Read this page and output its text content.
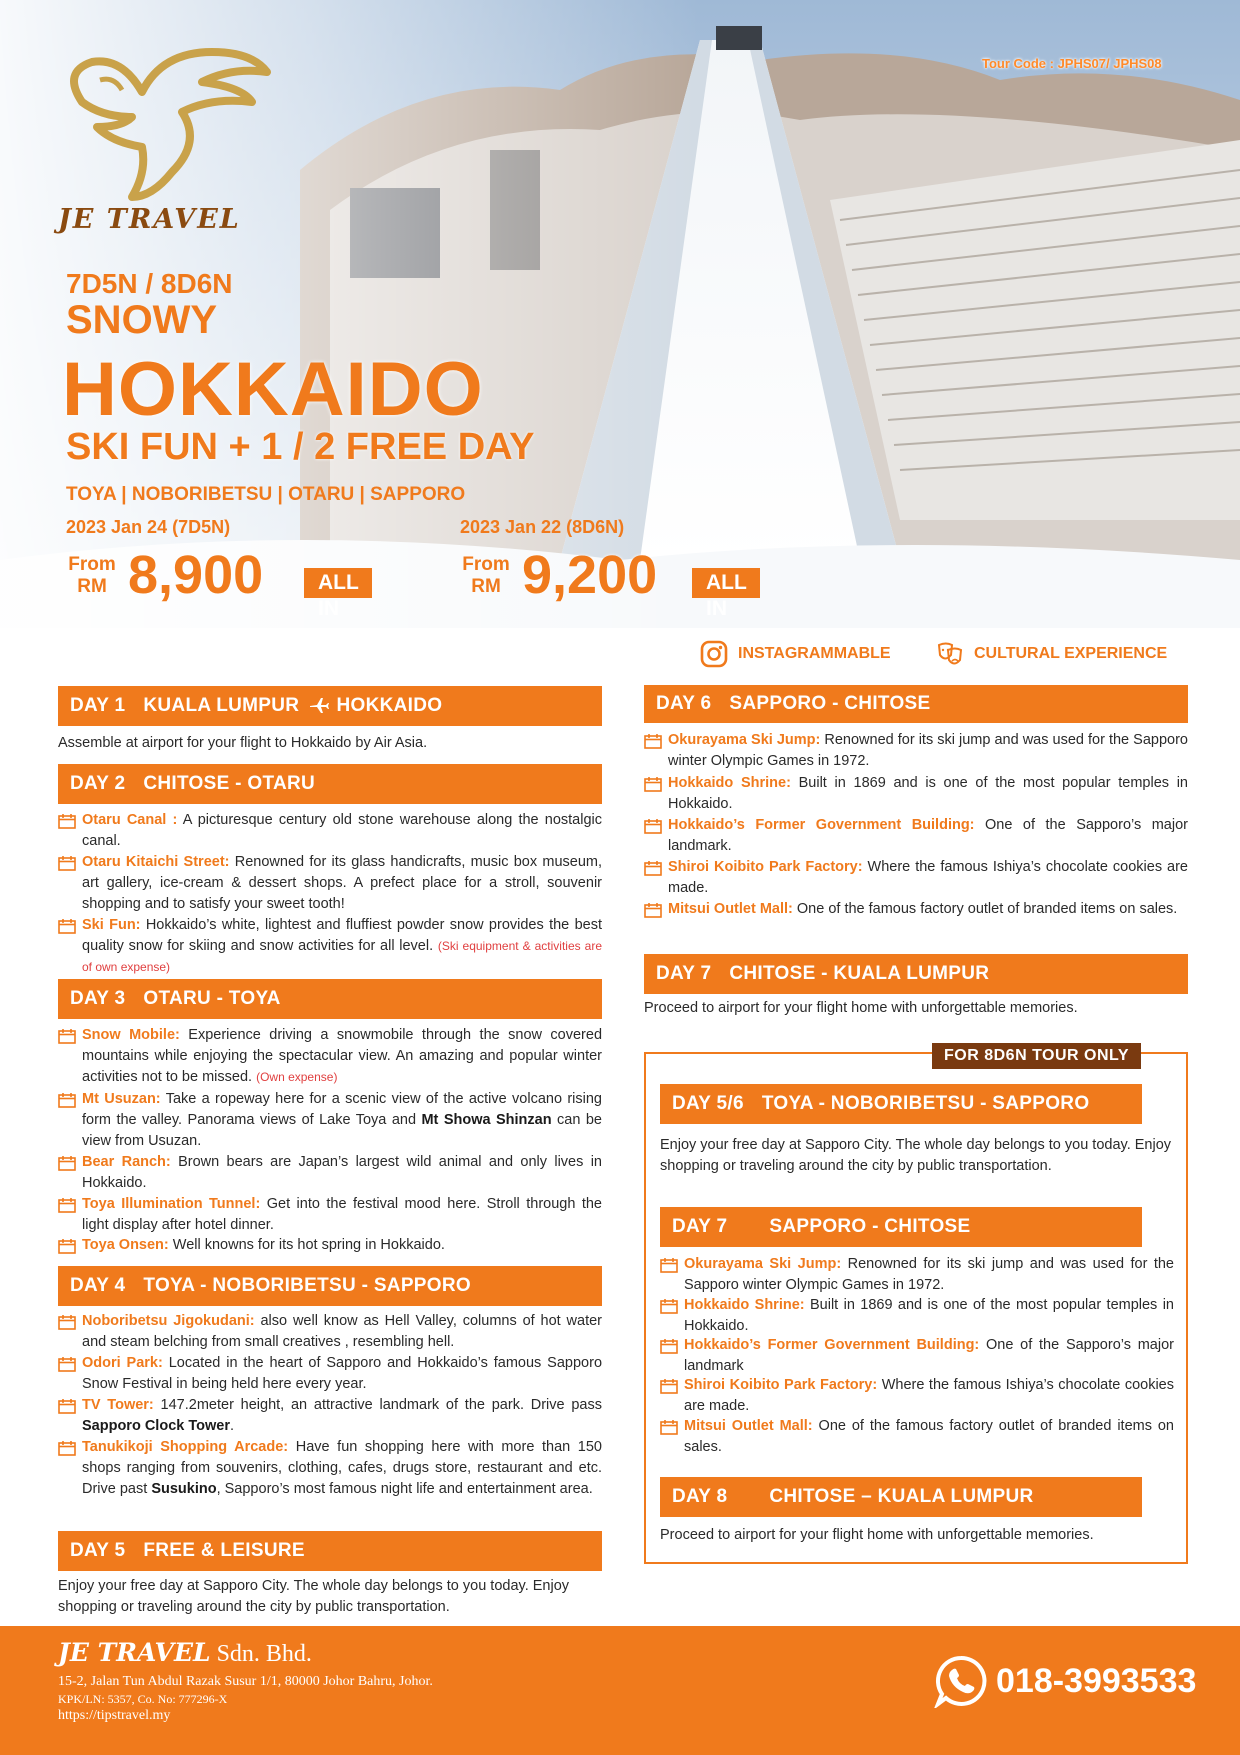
JE TRAVEL
Tour Code : JPHS07/ JPHS08
7D5N / 8D6N
SNOWY
HOKKAIDO
SKI FUN + 1 / 2 FREE DAY
TOYA | NOBORIBETSU | OTARU | SAPPORO
2023 Jan 24 (7D5N)	2023 Jan 22 (8D6N)
From
RM 8,900	ALL IN
From
RM 9,200	ALL IN
INSTAGRAMMABLE	CULTURAL EXPERIENCE
DAY 1 KUALA LUMPUR HOKKAIDO
Assemble at airport for your flight to Hokkaido by Air Asia.
DAY 2 CHITOSE - OTARU
Otaru Canal : A picturesque century old stone warehouse along the nostalgic canal.
Otaru Kitaichi Street: Renowned for its glass handicrafts, music box museum, art gallery, ice-cream & dessert shops. A prefect place for a stroll, souvenir shopping and to satisfy your sweet tooth!
Ski Fun: Hokkaido’s white, lightest and fluffiest powder snow provides the best quality snow for skiing and snow activities for all level. (Ski equipment & activities are of own expense)
DAY 3 OTARU - TOYA
Snow Mobile: Experience driving a snowmobile through the snow covered mountains while enjoying the spectacular view. An amazing and popular winter activities not to be missed. (Own expense)
Mt Usuzan: Take a ropeway here for a scenic view of the active volcano rising form the valley. Panorama views of Lake Toya and Mt Showa Shinzan can be view from Usuzan.
Bear Ranch: Brown bears are Japan’s largest wild animal and only lives in Hokkaido.
Toya Illumination Tunnel: Get into the festival mood here. Stroll through the light display after hotel dinner.
Toya Onsen: Well knowns for its hot spring in Hokkaido.
DAY 4 TOYA - NOBORIBETSU - SAPPORO
Noboribetsu Jigokudani: also well know as Hell Valley, columns of hot water and steam belching from small creatives , resembling hell.
Odori Park: Located in the heart of Sapporo and Hokkaido’s famous Sapporo Snow Festival in being held here every year.
TV Tower: 147.2meter height, an attractive landmark of the park. Drive pass Sapporo Clock Tower.
Tanukikoji Shopping Arcade: Have fun shopping here with more than 150 shops ranging from souvenirs, clothing, cafes, drugs store, restaurant and etc. Drive past Susukino, Sapporo’s most famous night life and entertainment area.
DAY 5 FREE & LEISURE
Enjoy your free day at Sapporo City. The whole day belongs to you today. Enjoy shopping or traveling around the city by public transportation.
DAY 6 SAPPORO - CHITOSE
Okurayama Ski Jump: Renowned for its ski jump and was used for the Sapporo winter Olympic Games in 1972.
Hokkaido Shrine: Built in 1869 and is one of the most popular temples in Hokkaido.
Hokkaido’s Former Government Building: One of the Sapporo’s major landmark.
Shiroi Koibito Park Factory: Where the famous Ishiya’s chocolate cookies are made.
Mitsui Outlet Mall: One of the famous factory outlet of branded items on sales.
DAY 7 CHITOSE - KUALA LUMPUR
Proceed to airport for your flight home with unforgettable memories.
FOR 8D6N TOUR ONLY
DAY 5/6 TOYA - NOBORIBETSU - SAPPORO
Enjoy your free day at Sapporo City. The whole day belongs to you today. Enjoy shopping or traveling around the city by public transportation.
DAY 7 SAPPORO - CHITOSE
Okurayama Ski Jump: Renowned for its ski jump and was used for the Sapporo winter Olympic Games in 1972.
Hokkaido Shrine: Built in 1869 and is one of the most popular temples in Hokkaido.
Hokkaido’s Former Government Building: One of the Sapporo’s major landmark
Shiroi Koibito Park Factory: Where the famous Ishiya’s chocolate cookies are made.
Mitsui Outlet Mall: One of the famous factory outlet of branded items on sales.
DAY 8 CHITOSE – KUALA LUMPUR
Proceed to airport for your flight home with unforgettable memories.
JE TRAVEL Sdn. Bhd.
15-2, Jalan Tun Abdul Razak Susur 1/1, 80000 Johor Bahru, Johor.
KPK/LN: 5357, Co. No: 777296-X
https://tipstravel.my
018-3993533
